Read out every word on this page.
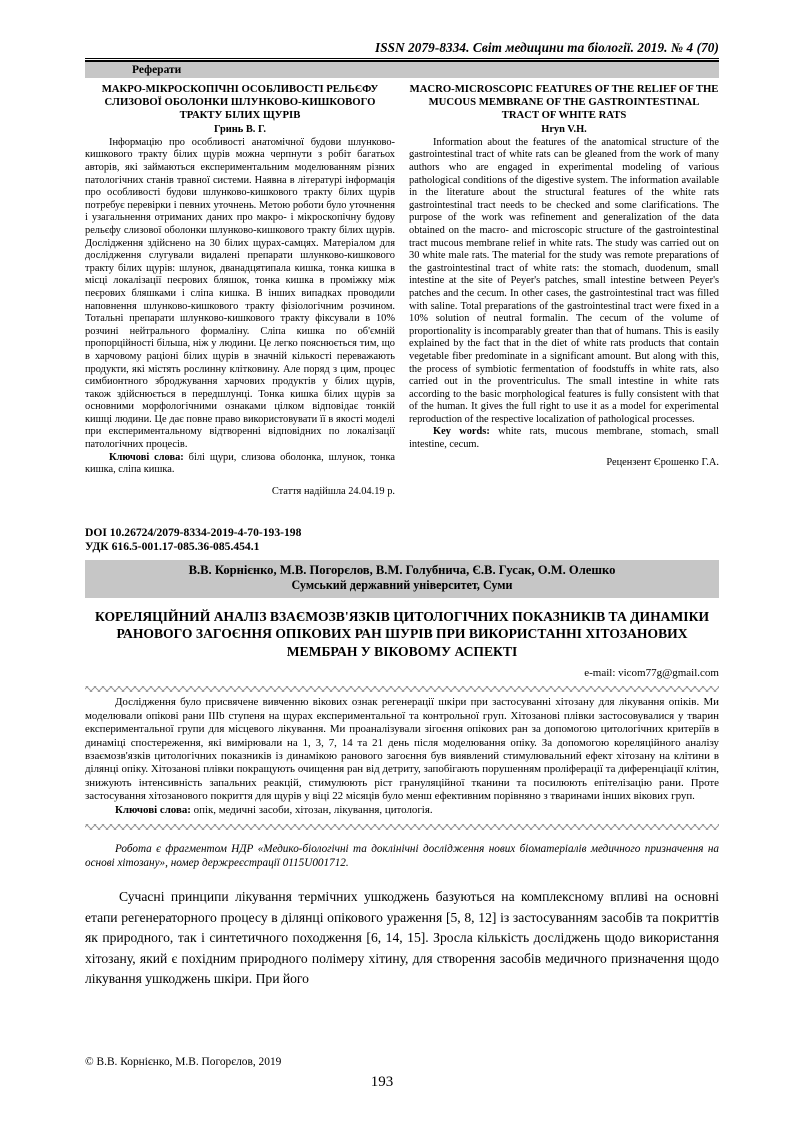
ISSN 2079-8334. Світ медицини та біології. 2019. № 4 (70)
Реферати
МАКРО-МІКРОСКОПІЧНІ ОСОБЛИВОСТІ РЕЛЬЄФУ СЛИЗОВОЇ ОБОЛОНКИ ШЛУНКОВО-КИШКОВОГО ТРАКТУ БІЛИХ ЩУРІВ
Гринь В. Г.
Інформацію про особливості анатомічної будови шлунково-кишкового тракту білих щурів можна черпнути з робіт багатьох авторів, які займаються експериментальним моделюванням різних патологічних станів травної системи. Наявна в літературі інформація про особливості будови шлунково-кишкового тракту білих щурів потребує перевірки і певних уточнень. Метою роботи було уточнення і узагальнення отриманих даних про макро- і мікроскопічну будову рельєфу слизової оболонки шлунково-кишкового тракту білих щурів. Дослідження здійснено на 30 білих щурах-самцях. Матеріалом для дослідження слугували видалені препарати шлунково-кишкового тракту білих щурів: шлунок, дванадцятипала кишка, тонка кишка в місці локалізації пеєрових бляшок, тонка кишка в проміжку між пеєрових бляшками і сліпа кишка. В інших випадках проводили наповнення шлунково-кишкового тракту фізіологічним розчином. Тотальні препарати шлунково-кишкового тракту фіксували в 10% розчині нейтрального формаліну. Сліпа кишка по об'ємній пропорційності більша, ніж у людини. Це легко пояснюється тим, що в харчовому раціоні білих щурів в значній кількості переважають продукти, які містять рослинну клітковину. Але поряд з цим, процес симбионтного зброджування харчових продуктів у білих щурів, також здійснюється в передшлунці. Тонка кишка білих щурів за основними морфологічними ознаками цілком відповідає тонкій кишці людини. Це дає повне право використовувати її в якості моделі при експериментальному відтворенні відповідних по локалізації патологічних процесів.
Ключові слова: білі щури, слизова оболонка, шлунок, тонка кишка, сліпа кишка.
Стаття надійшла 24.04.19 р.
MACRO-MICROSCOPIC FEATURES OF THE RELIEF OF THE MUCOUS MEMBRANE OF THE GASTROINTESTINAL TRACT OF WHITE RATS
Hryn V.H.
Information about the features of the anatomical structure of the gastrointestinal tract of white rats can be gleaned from the work of many authors who are engaged in experimental modeling of various pathological conditions of the digestive system. The information available in the literature about the structural features of the white rats gastrointestinal tract needs to be checked and some clarifications. The purpose of the work was refinement and generalization of the data obtained on the macro- and microscopic structure of the gastrointestinal tract mucous membrane relief in white rats. The study was carried out on 30 white male rats. The material for the study was remote preparations of the gastrointestinal tract of white rats: the stomach, duodenum, small intestine at the site of Peyer's patches, small intestine between Peyer's patches and the cecum. In other cases, the gastrointestinal tract was filled with saline. Total preparations of the gastrointestinal tract were fixed in a 10% solution of neutral formalin. The cecum of the volume of proportionality is incomparably greater than that of humans. This is easily explained by the fact that in the diet of white rats products that contain vegetable fiber predominate in a significant amount. But along with this, the process of symbiotic fermentation of foodstuffs in white rats, also carried out in the proventriculus. The small intestine in white rats according to the basic morphological features is fully consistent with that of the human. It gives the full right to use it as a model for experimental reproduction of the respective localization of pathological processes.
Key words: white rats, mucous membrane, stomach, small intestine, cecum.
Рецензент Єрошенко Г.А.
DOI 10.26724/2079-8334-2019-4-70-193-198
УДК 616.5-001.17-085.36-085.454.1
В.В. Корнієнко, М.В. Погорєлов, В.М. Голубнича, Є.В. Гусак, О.М. Олешко
Сумський державний університет, Суми
КОРЕЛЯЦІЙНИЙ АНАЛІЗ ВЗАЄМОЗВ'ЯЗКІВ ЦИТОЛОГІЧНИХ ПОКАЗНИКІВ ТА ДИНАМІКИ РАНОВОГО ЗАГОЄННЯ ОПІКОВИХ РАН ШУРІВ ПРИ ВИКОРИСТАННІ ХІТОЗАНОВИХ МЕМБРАН У ВІКОВОМУ АСПЕКТІ
e-mail: vicom77g@gmail.com
Дослідження було присвячене вивченню вікових ознак регенерації шкіри при застосуванні хітозану для лікування опіків. Ми моделювали опікові рани IIIb ступеня на щурах експериментальної та контрольної груп. Хітозанові плівки застосовувалися у тварин експериментальної групи для місцевого лікування. Ми проаналізували зігоєння опікових ран за допомогою цитологічних критеріїв в динаміці спостереження, які вимірювали на 1, 3, 7, 14 та 21 день після моделювання опіку. За допомогою кореляційного аналізу взаємозв'язків цитологічних показників із динамікою ранового загоєння був виявлений стимулювальний ефект хітозану на клітини в ділянці опіку. Хітозанові плівки покращують очищення ран від детриту, запобігають порушенням проліферації та диференціації клітин, знижують інтенсивність запальних реакцій, стимулюють ріст грануляційної тканини та посилюють епітелізацію рани. Проте застосування хітозанового покриття для щурів у віці 22 місяців було менш ефективним порівняно з тваринами інших вікових груп.
Ключові слова: опік, медичні засоби, хітозан, лікування, цитологія.
Робота є фрагментом НДР «Медико-біологічні та доклінічні дослідження нових біоматеріалів медичного призначення на основі хітозану», номер держреєстрації 0115U001712.
Сучасні принципи лікування термічних ушкоджень базуються на комплексному впливі на основні етапи регенераторного процесу в ділянці опікового ураження [5, 8, 12] із застосуванням засобів та покриттів як природного, так і синтетичного походження [6, 14, 15]. Зросла кількість досліджень щодо використання хітозану, який є похідним природного полімеру хітину, для створення засобів медичного призначення щодо лікування ушкоджень шкіри. При його
© В.В. Корнієнко, М.В. Погорєлов, 2019
193
